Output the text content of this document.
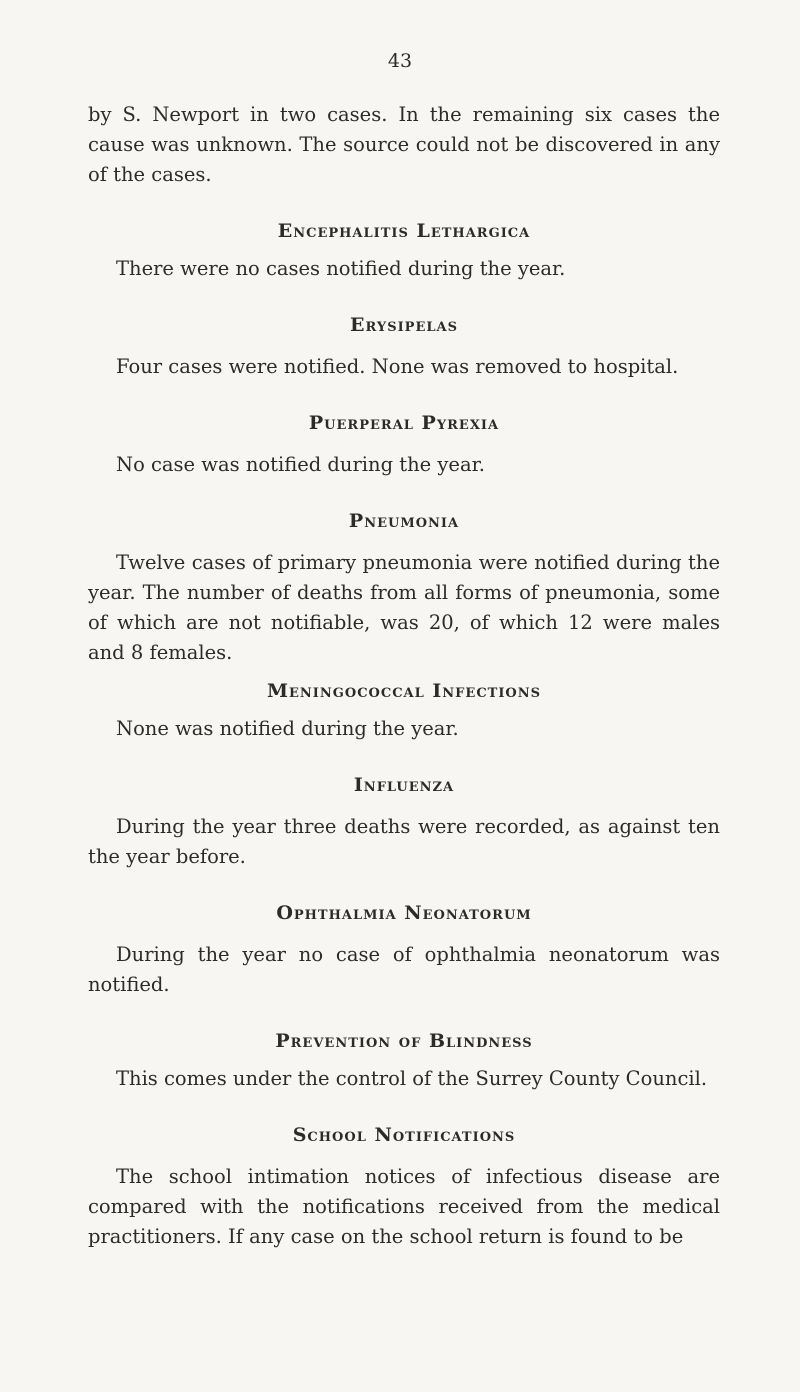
43

by S. Newport in two cases. In the remaining six cases the cause was unknown. The source could not be discovered in any of the cases.

Encephalitis Lethargica

There were no cases notified during the year.

Erysipelas

Four cases were notified. None was removed to hospital.

Puerperal Pyrexia

No case was notified during the year.

Pneumonia

Twelve cases of primary pneumonia were notified during the year. The number of deaths from all forms of pneumonia, some of which are not notifiable, was 20, of which 12 were males and 8 females.

Meningococcal Infections

None was notified during the year.

Influenza

During the year three deaths were recorded, as against ten the year before.

Ophthalmia Neonatorum

During the year no case of ophthalmia neonatorum was notified.

Prevention of Blindness

This comes under the control of the Surrey County Council.

School Notifications

The school intimation notices of infectious disease are compared with the notifications received from the medical practitioners. If any case on the school return is found to be
